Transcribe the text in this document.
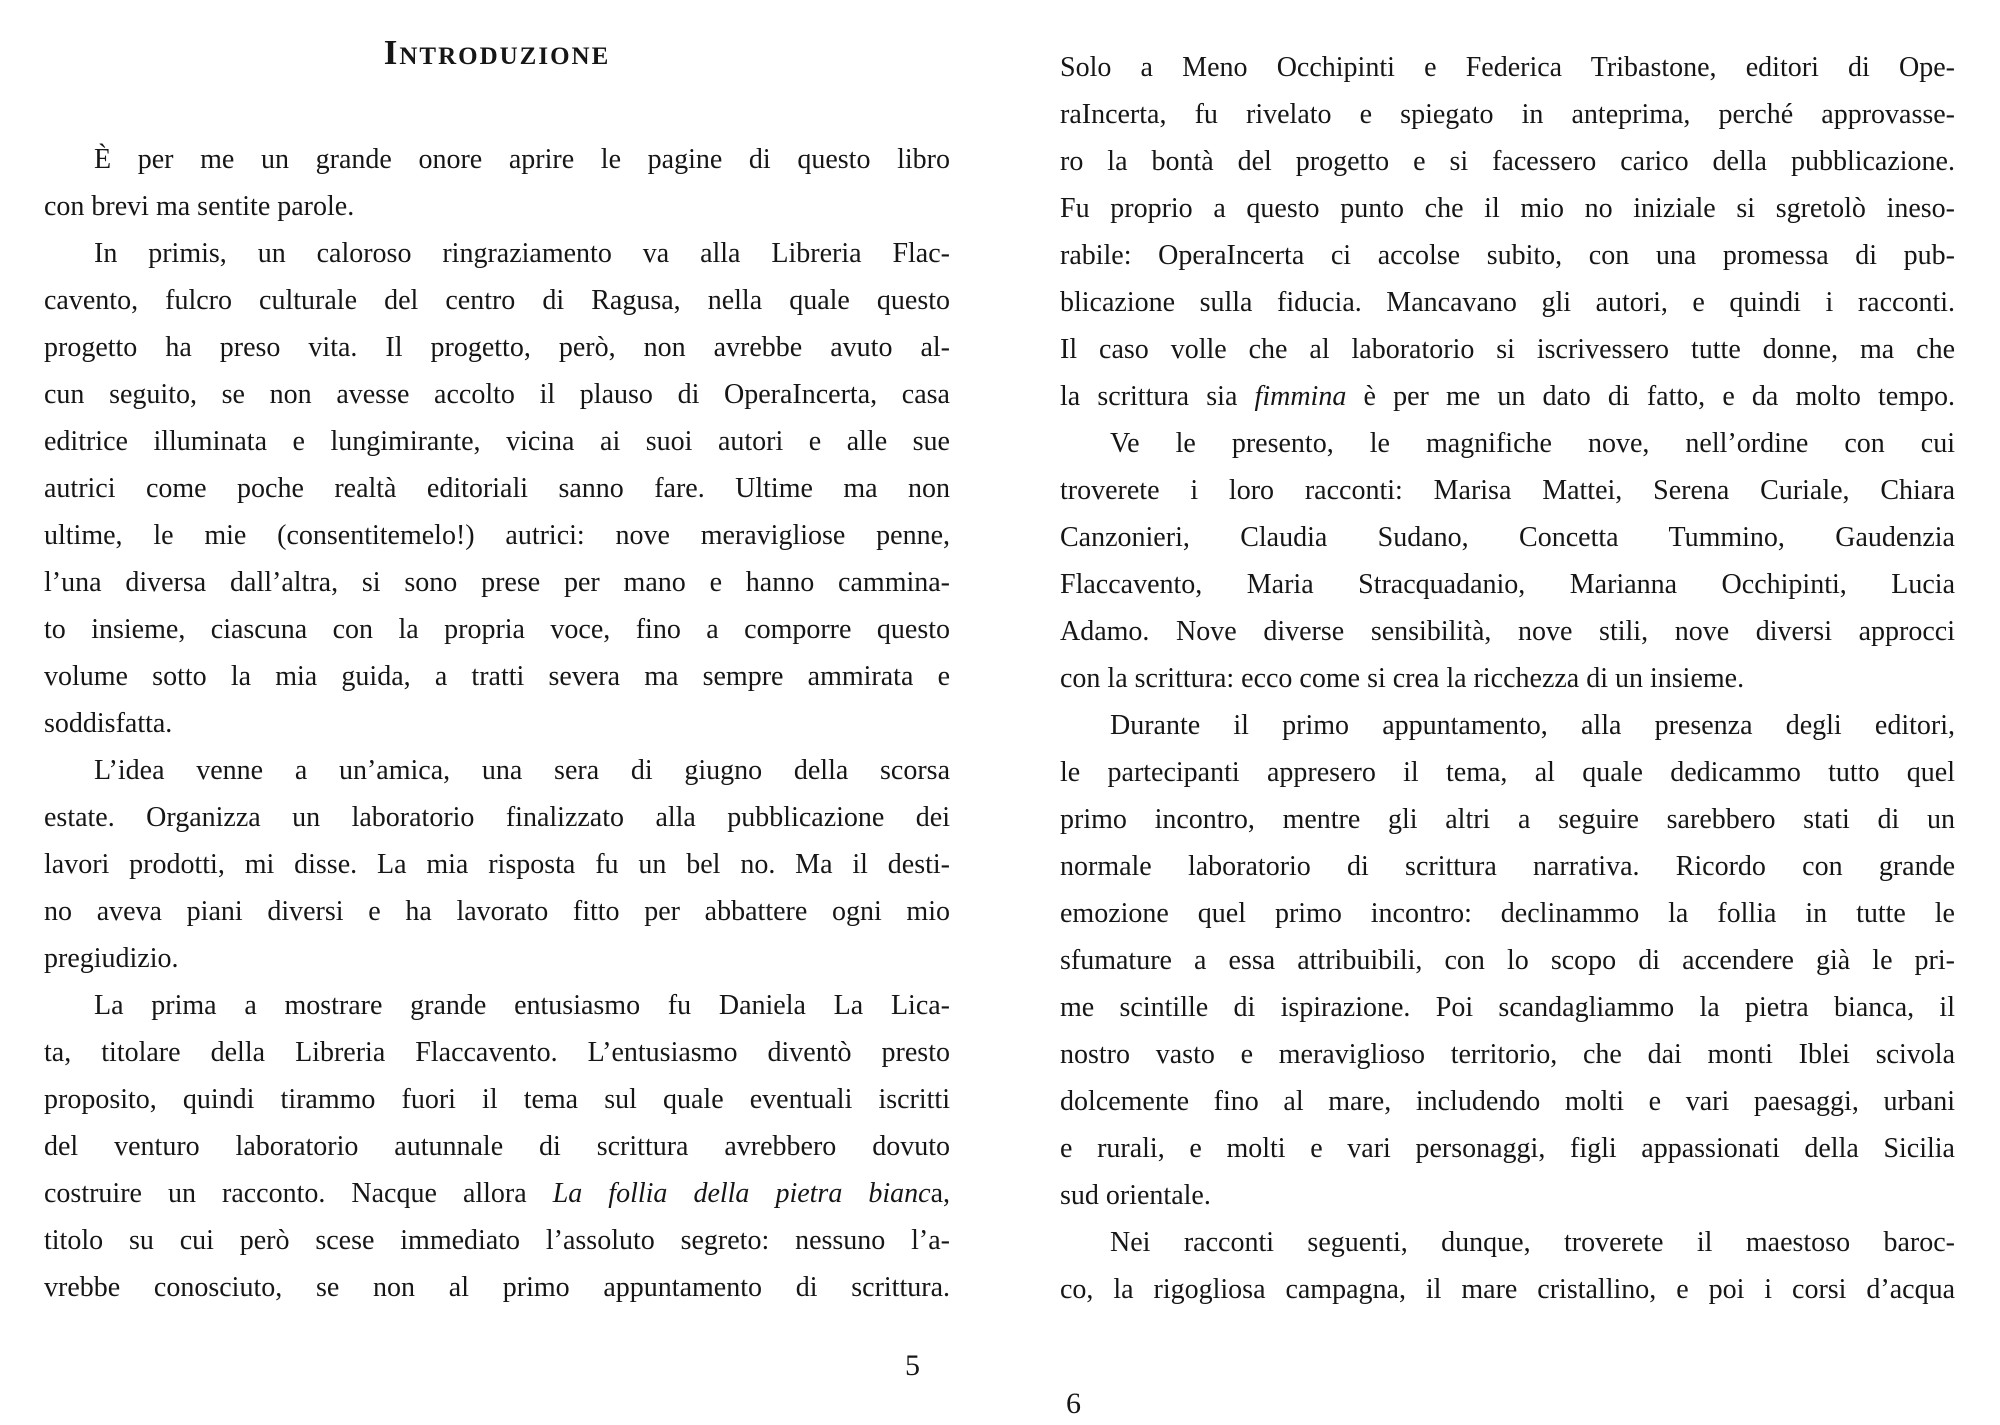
Introduzione
È per me un grande onore aprire le pagine di questo libro
con brevi ma sentite parole.
In primis, un caloroso ringraziamento va alla Libreria Flac-
cavento, fulcro culturale del centro di Ragusa, nella quale questo
progetto ha preso vita. Il progetto, però, non avrebbe avuto al-
cun seguito, se non avesse accolto il plauso di OperaIncerta, casa
editrice illuminata e lungimirante, vicina ai suoi autori e alle sue
autrici come poche realtà editoriali sanno fare. Ultime ma non
ultime, le mie (consentitemelo!) autrici: nove meravigliose penne,
l’una diversa dall’altra, si sono prese per mano e hanno cammina-
to insieme, ciascuna con la propria voce, fino a comporre questo
volume sotto la mia guida, a tratti severa ma sempre ammirata e
soddisfatta.
L’idea venne a un’amica, una sera di giugno della scorsa
estate. Organizza un laboratorio finalizzato alla pubblicazione dei
lavori prodotti, mi disse. La mia risposta fu un bel no. Ma il desti-
no aveva piani diversi e ha lavorato fitto per abbattere ogni mio
pregiudizio.
La prima a mostrare grande entusiasmo fu Daniela La Lica-
ta, titolare della Libreria Flaccavento. L’entusiasmo diventò presto
proposito, quindi tirammo fuori il tema sul quale eventuali iscritti
del venturo laboratorio autunnale di scrittura avrebbero dovuto
costruire un racconto. Nacque allora La follia della pietra bianca,
titolo su cui però scese immediato l’assoluto segreto: nessuno l’a-
vrebbe conosciuto, se non al primo appuntamento di scrittura.
Solo a Meno Occhipinti e Federica Tribastone, editori di Ope-
raIncerta, fu rivelato e spiegato in anteprima, perché approvasse-
ro la bontà del progetto e si facessero carico della pubblicazione.
Fu proprio a questo punto che il mio no iniziale si sgretolò ineso-
rabile: OperaIncerta ci accolse subito, con una promessa di pub-
blicazione sulla fiducia. Mancavano gli autori, e quindi i racconti.
Il caso volle che al laboratorio si iscrivessero tutte donne, ma che
la scrittura sia fimmina è per me un dato di fatto, e da molto tempo.
Ve le presento, le magnifiche nove, nell’ordine con cui
troverete i loro racconti: Marisa Mattei, Serena Curiale, Chiara
Canzonieri, Claudia Sudano, Concetta Tummino, Gaudenzia
Flaccavento, Maria Stracquadanio, Marianna Occhipinti, Lucia
Adamo. Nove diverse sensibilità, nove stili, nove diversi approcci
con la scrittura: ecco come si crea la ricchezza di un insieme.
Durante il primo appuntamento, alla presenza degli editori,
le partecipanti appresero il tema, al quale dedicammo tutto quel
primo incontro, mentre gli altri a seguire sarebbero stati di un
normale laboratorio di scrittura narrativa. Ricordo con grande
emozione quel primo incontro: declinammo la follia in tutte le
sfumature a essa attribuibili, con lo scopo di accendere già le pri-
me scintille di ispirazione. Poi scandagliammo la pietra bianca, il
nostro vasto e meraviglioso territorio, che dai monti Iblei scivola
dolcemente fino al mare, includendo molti e vari paesaggi, urbani
e rurali, e molti e vari personaggi, figli appassionati della Sicilia
sud orientale.
Nei racconti seguenti, dunque, troverete il maestoso baroc-
co, la rigogliosa campagna, il mare cristallino, e poi i corsi d’acqua
5
6
